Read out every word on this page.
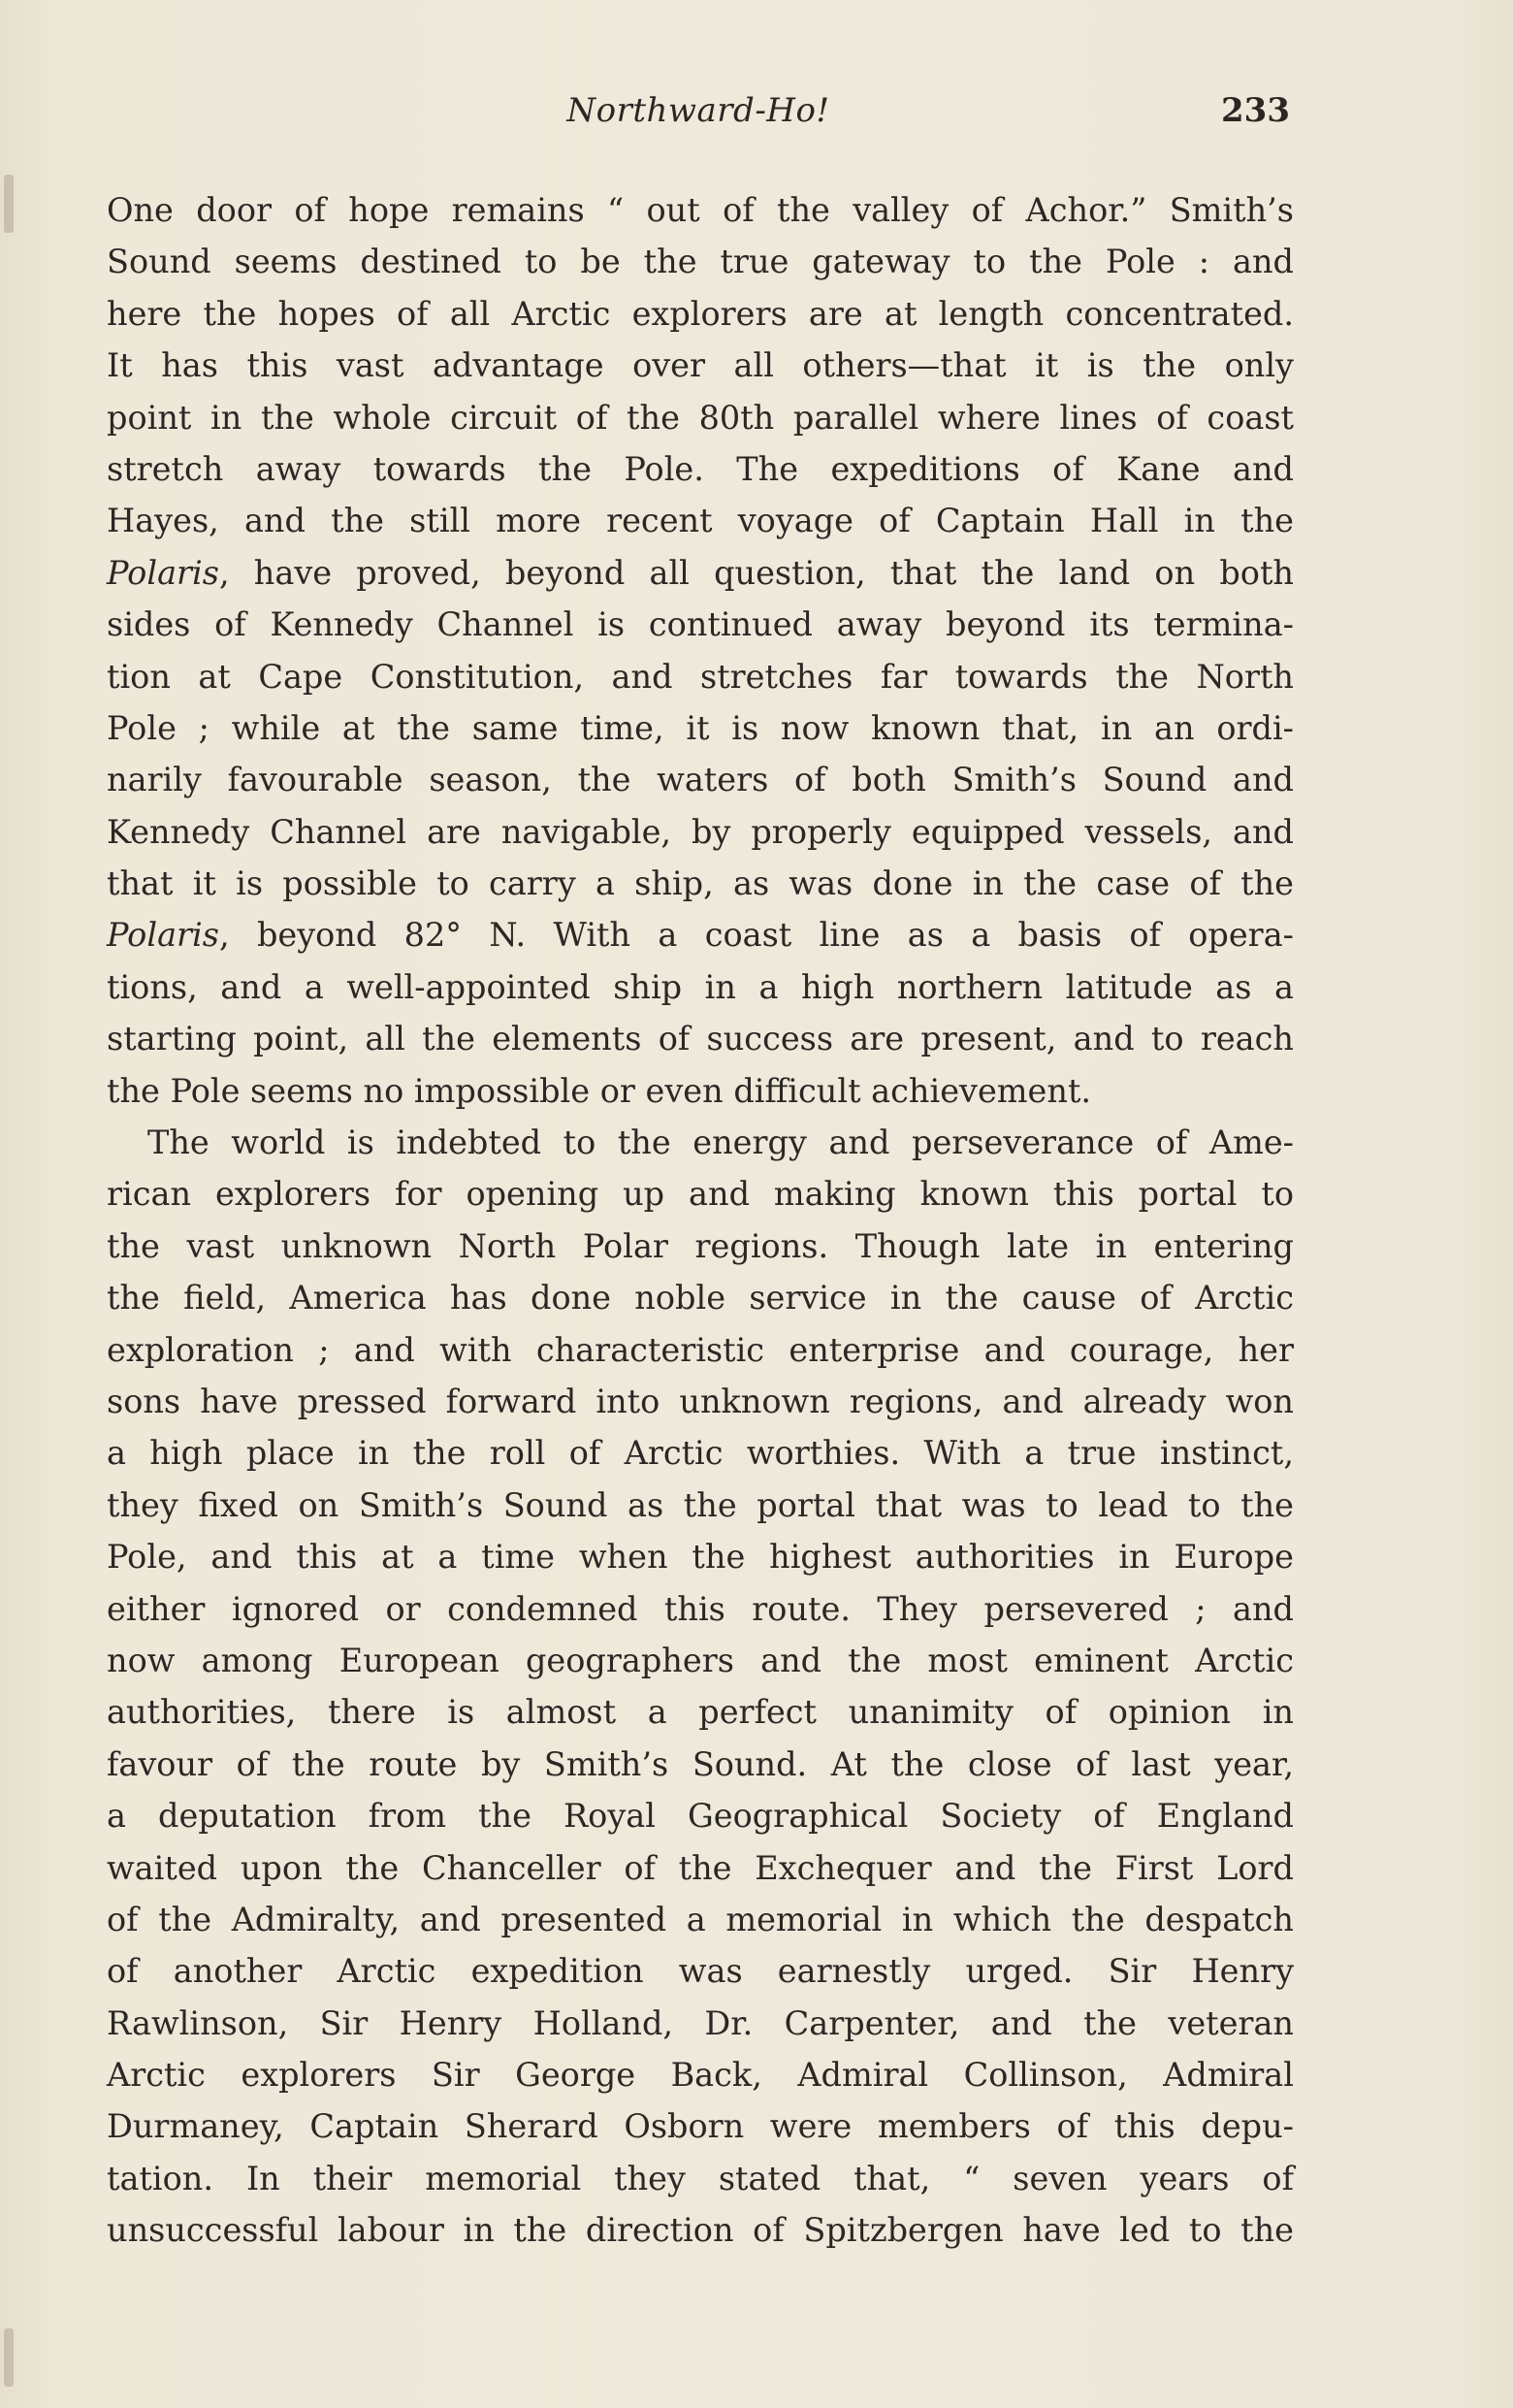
Northward-Ho!	233
One door of hope remains “ out of the valley of Achor.” Smith’s
Sound seems destined to be the true gateway to the Pole : and
here the hopes of all Arctic explorers are at length concentrated.
It has this vast advantage over all others—that it is the only
point in the whole circuit of the 80th parallel where lines of coast
stretch away towards the Pole. The expeditions of Kane and
Hayes, and the still more recent voyage of Captain Hall in the
Polaris, have proved, beyond all question, that the land on both
sides of Kennedy Channel is continued away beyond its termina-
tion at Cape Constitution, and stretches far towards the North
Pole ; while at the same time, it is now known that, in an ordi-
narily favourable season, the waters of both Smith’s Sound and
Kennedy Channel are navigable, by properly equipped vessels, and
that it is possible to carry a ship, as was done in the case of the
Polaris, beyond 82° N. With a coast line as a basis of opera-
tions, and a well-appointed ship in a high northern latitude as a
starting point, all the elements of success are present, and to reach
the Pole seems no impossible or even difficult achievement.
The world is indebted to the energy and perseverance of Ame-
rican explorers for opening up and making known this portal to
the vast unknown North Polar regions. Though late in entering
the field, America has done noble service in the cause of Arctic
exploration ; and with characteristic enterprise and courage, her
sons have pressed forward into unknown regions, and already won
a high place in the roll of Arctic worthies. With a true instinct,
they fixed on Smith’s Sound as the portal that was to lead to the
Pole, and this at a time when the highest authorities in Europe
either ignored or condemned this route. They persevered ; and
now among European geographers and the most eminent Arctic
authorities, there is almost a perfect unanimity of opinion in
favour of the route by Smith’s Sound. At the close of last year,
a deputation from the Royal Geographical Society of England
waited upon the Chanceller of the Exchequer and the First Lord
of the Admiralty, and presented a memorial in which the despatch
of another Arctic expedition was earnestly urged. Sir Henry
Rawlinson, Sir Henry Holland, Dr. Carpenter, and the veteran
Arctic explorers Sir George Back, Admiral Collinson, Admiral
Durmaney, Captain Sherard Osborn were members of this depu-
tation. In their memorial they stated that, “ seven years of
unsuccessful labour in the direction of Spitzbergen have led to the
